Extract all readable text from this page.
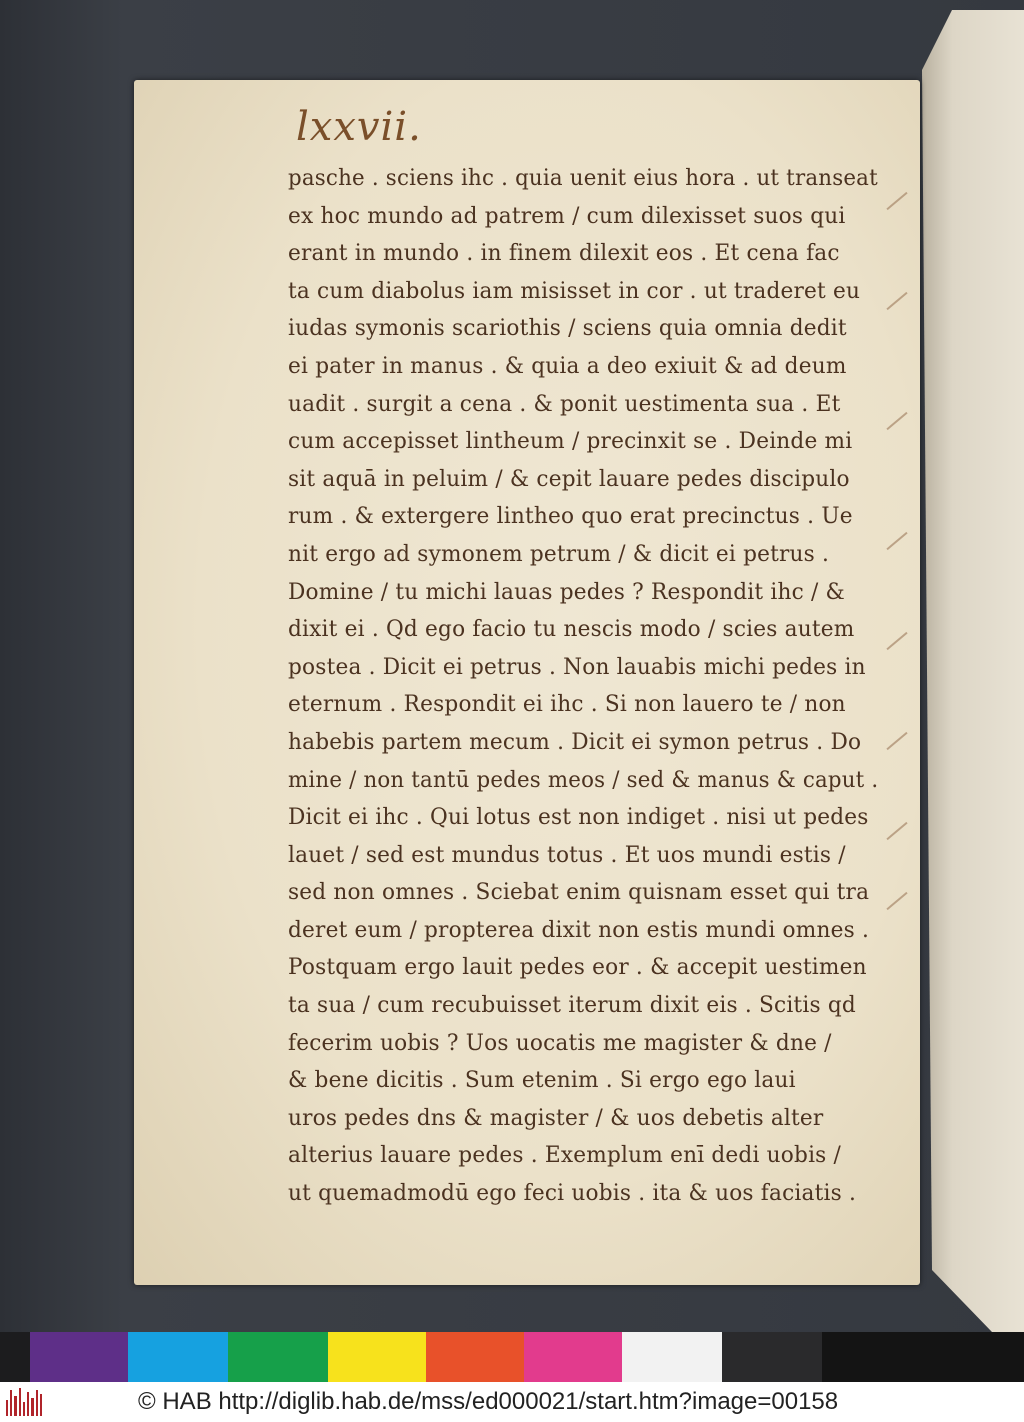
lxxvii.
pasche . sciens ihc . quia uenit eius hora . ut transeat
ex hoc mundo ad patrem / cum dilexisset suos qui
erant in mundo . in finem dilexit eos . Et cena fac
ta cum diabolus iam misisset in cor . ut traderet eu
iudas symonis scariothis / sciens quia omnia dedit
ei pater in manus . & quia a deo exiuit & ad deum
uadit . surgit a cena . & ponit uestimenta sua . Et
cum accepisset lintheum / precinxit se . Deinde mi
sit aquā in peluim / & cepit lauare pedes discipulo
rum . & extergere lintheo quo erat precinctus . Ue
nit ergo ad symonem petrum / & dicit ei petrus .
Domine / tu michi lauas pedes ? Respondit ihc / &
dixit ei . Qd ego facio tu nescis modo / scies autem
postea . Dicit ei petrus . Non lauabis michi pedes in
eternum . Respondit ei ihc . Si non lauero te / non
habebis partem mecum . Dicit ei symon petrus . Do
mine / non tantū pedes meos / sed & manus & caput .
Dicit ei ihc . Qui lotus est non indiget . nisi ut pedes
lauet / sed est mundus totus . Et uos mundi estis /
sed non omnes . Sciebat enim quisnam esset qui tra
deret eum / propterea dixit non estis mundi omnes .
Postquam ergo lauit pedes eor . & accepit uestimen
ta sua / cum recubuisset iterum dixit eis . Scitis qd
fecerim uobis ? Uos uocatis me magister & dne /
& bene dicitis . Sum etenim . Si ergo ego laui
uros pedes dns & magister / & uos debetis alter
alterius lauare pedes . Exemplum enī dedi uobis /
ut quemadmodū ego feci uobis . ita & uos faciatis .
© HAB http://diglib.hab.de/mss/ed000021/start.htm?image=00158
